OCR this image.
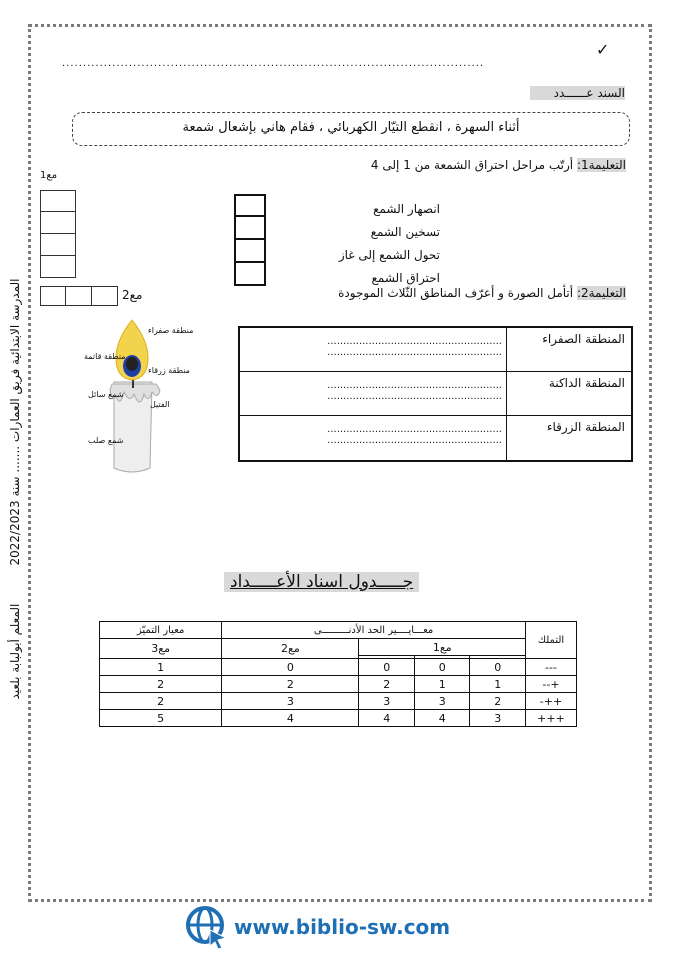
✓
.....................................................................................................
السند عــــــدد
أثناء السهرة ، انقطع التيّار الكهربائي ، فقام هاني بإشعال شمعة
التعليمة1: أرتّب مراحل احتراق الشمعة من 1 إلى 4
مع1
انصهار الشمع
تسخين الشمع
تحول الشمع إلى غاز
احتراق الشمع
مع2	التعليمة2: أتأمل الصورة و أعرّف المناطق الثّلاث الموجودة
منطقة صفراء
منطقة قاتمة
منطقة زرقاء
شمع سائل
الفتيل
شمع صلب
المنطقة الصفراء	.......................................................
.......................................................

المنطقة الداكنة	.......................................................
.......................................................

المنطقة الزرقاء	.......................................................
.......................................................
المدرسة الابتدائية فريق العمارات ....... سنة 2022/2023          المعلم أبولبابة بلعيد
جـــــدول اسناد الأعـــــداد
التملك	معـــايــــير الحد الأدنـــــــــى				معيار التميّز
	مع1			مع2	مع3

---	0	0	0	0	1
+--	1	1	2	2	2
++-	2	3	3	3	2
+++	3	4	4	4	5
www.biblio-sw.com
